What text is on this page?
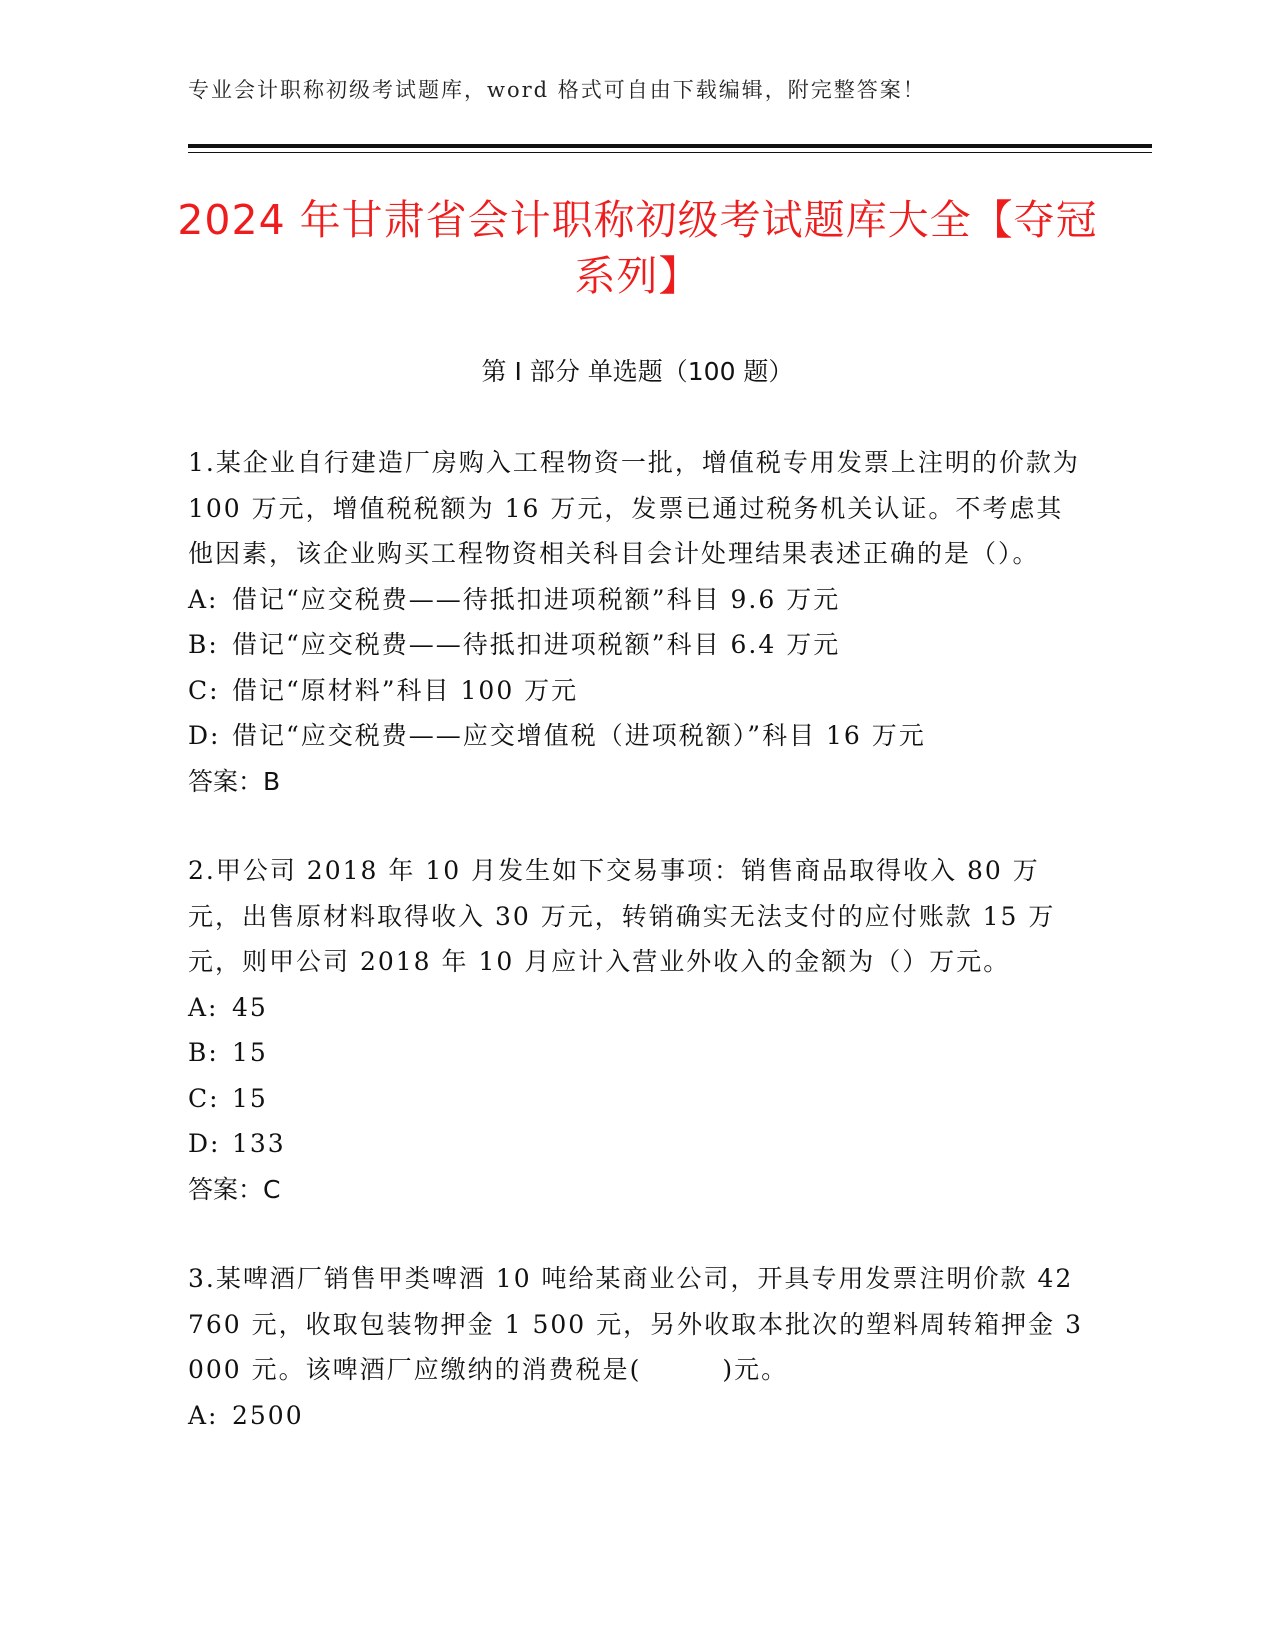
专业会计职称初级考试题库，word 格式可自由下载编辑，附完整答案！
2024 年甘肃省会计职称初级考试题库大全【夺冠系列】
第 I 部分 单选题（100 题）

1.某企业自行建造厂房购入工程物资一批，增值税专用发票上注明的价款为 100 万元，增值税税额为 16 万元，发票已通过税务机关认证。不考虑其他因素，该企业购买工程物资相关科目会计处理结果表述正确的是（）。

A: 借记“应交税费——待抵扣进项税额”科目 9.6 万元
B: 借记“应交税费——待抵扣进项税额”科目 6.4 万元
C: 借记“原材料”科目 100 万元
D: 借记“应交税费——应交增值税（进项税额）”科目 16 万元
答案：B

2.甲公司 2018 年 10 月发生如下交易事项：销售商品取得收入 80 万元，出售原材料取得收入 30 万元，转销确实无法支付的应付账款 15 万元，则甲公司 2018 年 10 月应计入营业外收入的金额为（）万元。

A: 45
B: 15
C: 15
D: 133
答案：C

3.某啤酒厂销售甲类啤酒 10 吨给某商业公司，开具专用发票注明价款 42 760 元，收取包装物押金 1 500 元，另外收取本批次的塑料周转箱押金 3 000 元。该啤酒厂应缴纳的消费税是(　　　)元。

A: 2500
